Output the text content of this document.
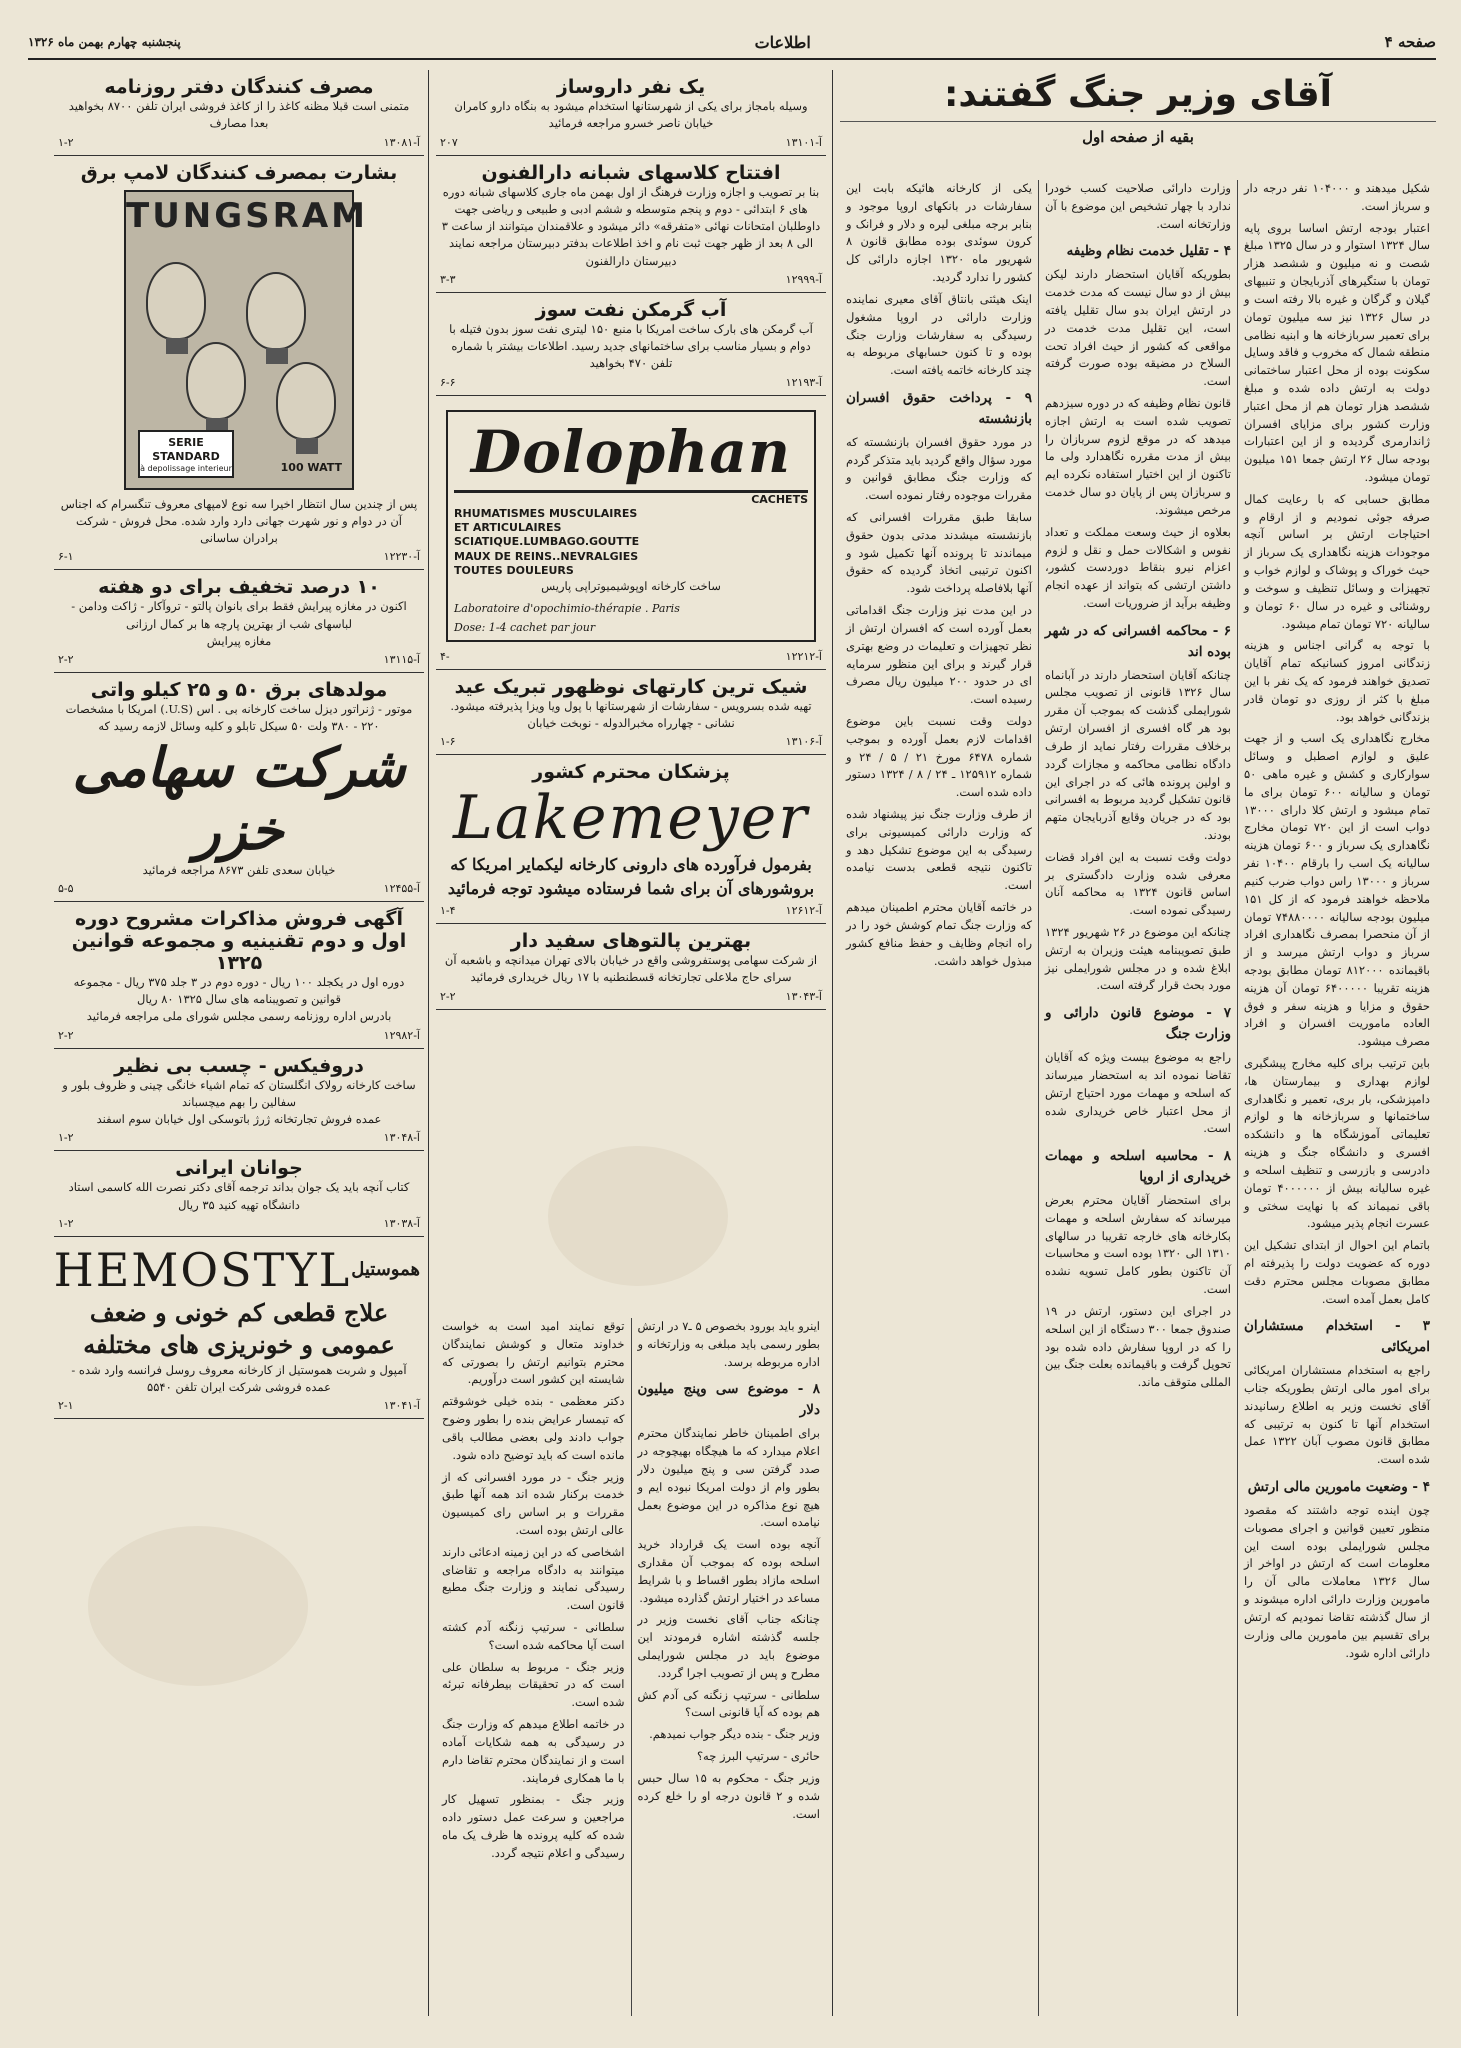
صفحه ۴
اطلاعات
پنجشنبه چهارم بهمن ماه ۱۳۲۶
آقای وزیر جنگ گفتند:
بقیه از صفحه اول
شکیل میدهند و ۱۰۴۰۰۰ نفر درجه دار و سرباز است.
اعتبار بودجه ارتش اساسا بروی پایه سال ۱۳۲۴ استوار و در سال ۱۳۲۵ مبلغ شصت و نه میلیون و ششصد هزار تومان با ستگیرهای آذربایجان و تنبیهای گیلان و گرگان و غیره بالا رفته است و در سال ۱۳۲۶ نیز سه میلیون تومان برای تعمیر سربازخانه ها و ابنیه نظامی منطقه شمال که مخروب و فاقد وسایل سکونت بوده از محل اعتبار ساختمانی دولت به ارتش داده شده و مبلغ ششصد هزار تومان هم از محل اعتبار وزارت کشور برای مزایای افسران ژاندارمری گردیده و از این اعتبارات بودجه سال ۲۶ ارتش جمعا ۱۵۱ میلیون تومان میشود.
مطابق حسابی که با رعایت کمال صرفه جوئی نمودیم و از ارقام و احتیاجات ارتش بر اساس آنچه موجودات هزینه نگاهداری یک سرباز از حیث خوراک و پوشاک و لوازم خواب و تجهیزات و وسائل تنظیف و سوخت و روشنائی و غیره در سال ۶۰ تومان و سالیانه ۷۲۰ تومان تمام میشود.
با توجه به گرانی اجناس و هزینه زندگانی امروز کسانیکه تمام آقایان تصدیق خواهند فرمود که یک نفر با این مبلغ با کثر از روزی دو تومان قادر بزندگانی خواهد بود.
مخارج نگاهداری یک اسب و از جهت علیق و لوازم اصطبل و وسائل سوارکاری و کشش و غیره ماهی ۵۰ تومان و سالیانه ۶۰۰ تومان برای ما تمام میشود و ارتش کلا دارای ۱۳۰۰۰ دواب است از این ۷۲۰ تومان مخارج نگاهداری یک سرباز و ۶۰۰ تومان هزینه سالیانه یک اسب را بارقام ۱۰۴۰۰ نفر سرباز و ۱۳۰۰۰ راس دواب ضرب کنیم ملاحظه خواهند فرمود که از کل ۱۵۱ میلیون بودجه سالیانه ۷۴۸۸۰۰۰۰ تومان از آن منحصرا بمصرف نگاهداری افراد سرباز و دواب ارتش میرسد و از باقیمانده ۸۱۲۰۰۰ تومان مطابق بودجه هزینه تقریبا ۶۴۰۰۰۰۰ تومان آن هزینه حقوق و مزایا و هزینه سفر و فوق العاده ماموریت افسران و افراد مصرف میشود.
باین ترتیب برای کلیه مخارج پیشگیری لوازم بهداری و بیمارستان ها، دامپزشکی، بار بری، تعمیر و نگاهداری ساختمانها و سربازخانه ها و لوازم تعلیماتی آموزشگاه ها و دانشکده افسری و دانشگاه جنگ و هزینه دادرسی و بازرسی و تنظیف اسلحه و غیره سالیانه بیش از ۴۰۰۰۰۰۰ تومان باقی نمیماند که با نهایت سختی و عسرت انجام پذیر میشود.
باتمام این احوال از ابتدای تشکیل این دوره که عضویت دولت را پذیرفته ام مطابق مصوبات مجلس محترم دقت کامل بعمل آمده است.
۳ - استخدام مستشاران امریکائی
راجع به استخدام مستشاران امریکائی برای امور مالی ارتش بطوریکه جناب آقای نخست وزیر به اطلاع رسانیدند استخدام آنها تا کنون به ترتیبی که مطابق قانون مصوب آبان ۱۳۲۲ عمل شده است.
۴ - وضعیت مامورین مالی ارتش
چون اینده توجه داشتند که مقصود منظور تعیین قوانین و اجرای مصوبات مجلس شورایملی بوده است این معلومات است که ارتش در اواخر از سال ۱۳۲۶ معاملات مالی آن را مامورین وزارت دارائی اداره میشوند و از سال گذشته تقاضا نمودیم که ارتش برای تقسیم بین مامورین مالی وزارت دارائی اداره شود.
وزارت دارائی صلاحیت کسب خودرا ندارد با چهار تشخیص این موضوع با آن وزارتخانه است.
۴ - تقلیل خدمت نظام وظیفه
بطوریکه آقایان استحضار دارند لیکن بیش از دو سال نیست که مدت خدمت در ارتش ایران بدو سال تقلیل یافته است، این تقلیل مدت خدمت در مواقعی که کشور از حیث افراد تحت السلاح در مضیقه بوده صورت گرفته است.
قانون نظام وظیفه که در دوره سیزدهم تصویب شده است به ارتش اجازه میدهد که در موقع لزوم سربازان را بیش از مدت مقرره نگاهدارد ولی ما تاکنون از این اختیار استفاده نکرده ایم و سربازان پس از پایان دو سال خدمت مرخص میشوند.
بعلاوه از حیث وسعت مملکت و تعداد نفوس و اشکالات حمل و نقل و لزوم اعزام نیرو بنقاط دوردست کشور، داشتن ارتشی که بتواند از عهده انجام وظیفه برآید از ضروریات است.
۶ - محاکمه افسرانی که در شهر بوده اند
چنانکه آقایان استحضار دارند در آبانماه سال ۱۳۲۶ قانونی از تصویب مجلس شورایملی گذشت که بموجب آن مقرر بود هر گاه افسری از افسران ارتش برخلاف مقررات رفتار نماید از طرف دادگاه نظامی محاکمه و مجازات گردد و اولین پرونده هائی که در اجرای این قانون تشکیل گردید مربوط به افسرانی بود که در جریان وقایع آذربایجان متهم بودند.
دولت وقت نسبت به این افراد قضات معرفی شده وزارت دادگستری بر اساس قانون ۱۳۲۴ به محاکمه آنان رسیدگی نموده است.
چنانکه این موضوع در ۲۶ شهریور ۱۳۲۴ طبق تصویبنامه هیئت وزیران به ارتش ابلاغ شده و در مجلس شورایملی نیز مورد بحث قرار گرفته است.
۷ - موضوع قانون دارائی و وزارت جنگ
راجع به موضوع بیست ویژه که آقایان تقاضا نموده اند به استحضار میرساند که اسلحه و مهمات مورد احتیاج ارتش از محل اعتبار خاص خریداری شده است.
۸ - محاسبه اسلحه و مهمات خریداری از اروپا
برای استحضار آقایان محترم بعرض میرساند که سفارش اسلحه و مهمات بکارخانه های خارجه تقریبا در سالهای ۱۳۱۰ الی ۱۳۲۰ بوده است و محاسبات آن تاکنون بطور کامل تسویه نشده است.
در اجرای این دستور، ارتش در ۱۹ صندوق جمعا ۳۰۰ دستگاه از این اسلحه را که در اروپا سفارش داده شده بود تحویل گرفت و باقیمانده بعلت جنگ بین المللی متوقف ماند.
یکی از کارخانه هائیکه بابت این سفارشات در بانکهای اروپا موجود و بنابر برجه مبلغی لیره و دلار و فرانک و کرون سوئدی بوده مطابق قانون ۸ شهریور ماه ۱۳۲۰ اجازه دارائی کل کشور را ندارد گردید.
اینک هیئتی بانتاق آقای معیری نماینده وزارت دارائی در اروپا مشغول رسیدگی به سفارشات وزارت جنگ بوده و تا کنون حسابهای مربوطه به چند کارخانه خاتمه یافته است.
۹ - پرداخت حقوق افسران بازنشسته
در مورد حقوق افسران بازنشسته که مورد سؤال واقع گردید باید متذکر گردم که وزارت جنگ مطابق قوانین و مقررات موجوده رفتار نموده است.
سابقا طبق مقررات افسرانی که بازنشسته میشدند مدتی بدون حقوق میماندند تا پرونده آنها تکمیل شود و اکنون ترتیبی اتخاذ گردیده که حقوق آنها بلافاصله پرداخت شود.
در این مدت نیز وزارت جنگ اقداماتی بعمل آورده است که افسران ارتش از نظر تجهیزات و تعلیمات در وضع بهتری قرار گیرند و برای این منظور سرمایه ای در حدود ۲۰۰ میلیون ریال مصرف رسیده است.
دولت وقت نسبت باین موضوع اقدامات لازم بعمل آورده و بموجب شماره ۶۴۷۸ مورخ ۲۱ / ۵ / ۲۴ و شماره ۱۲۵۹۱۲ ـ ۲۴ / ۸ / ۱۳۲۴ دستور داده شده است.
از طرف وزارت جنگ نیز پیشنهاد شده که وزارت دارائی کمیسیونی برای رسیدگی به این موضوع تشکیل دهد و تاکنون نتیجه قطعی بدست نیامده است.
در خاتمه آقایان محترم اطمینان میدهم که وزارت جنگ تمام کوشش خود را در راه انجام وظایف و حفظ منافع کشور مبذول خواهد داشت.
یک نفر داروساز
وسیله بامجاز برای یکی از شهرستانها استخدام میشود به بنگاه دارو کامران خیابان ناصر خسرو مراجعه فرمائید
۲۰۷	آ-۱۳۱۰۱
افتتاح کلاسهای شبانه دارالفنون
بنا بر تصویب و اجازه وزارت فرهنگ از اول بهمن ماه جاری کلاسهای شبانه دوره های ۶ ابتدائی - دوم و پنجم متوسطه و ششم ادبی و طبیعی و ریاضی جهت داوطلبان امتحانات نهائی «متفرقه» دائر میشود و علاقمندان میتوانند از ساعت ۳ الی ۸ بعد از ظهر جهت ثبت نام و اخذ اطلاعات بدفتر دبیرستان مراجعه نمایند
دبیرستان دارالفنون
۳-۳	آ-۱۲۹۹۹
آب گرمکن نفت سوز
آب گرمکن های بارک ساخت امریکا با منبع ۱۵۰ لیتری نفت سوز بدون فتیله با دوام و بسیار مناسب برای ساختمانهای جدید رسید. اطلاعات بیشتر با شماره تلفن ۴۷۰ بخواهید
۶-۶	آ-۱۲۱۹۳
Dolophan
CACHETS
RHUMATISMES MUSCULAIRES
ET ARTICULAIRES
SCIATIQUE.LUMBAGO.GOUTTE
MAUX DE REINS..NEVRALGIES
TOUTES DOULEURS
ساخت کارخانه اوپوشیمیوتراپی پاریس
Laboratoire d'opochimio-thérapie . Paris
Dose: 1-4 cachet par jour
۴-	آ-۱۲۲۱۲
شیک ترین کارتهای نوظهور تبریک عید
تهیه شده بسرویس - سفارشات از شهرستانها با پول ویا ویزا پذیرفته میشود. نشانی - چهارراه مخبرالدوله - نوبخت خیابان
۱-۶	آ-۱۳۱۰۶
پزشکان محترم کشور
Lakemeyer
بفرمول فرآورده های دارونی کارخانه لیکمایر امریکا که بروشورهای آن برای شما فرستاده میشود توجه فرمائید
۱-۴	آ-۱۲۶۱۲
بهترین پالتوهای سفید دار
از شرکت سهامی پوستفروشی واقع در خیابان بالای تهران میدانچه و باشعبه آن سرای حاج ملاعلی تجارتخانه قسطنطنیه با ۱۷ ریال خریداری فرمائید
۲-۲	آ-۱۳۰۴۳
اینرو باید بورود بخصوص ۵ ـ۷ در ارتش بطور رسمی باید مبلغی به وزارتخانه و اداره مربوطه برسد.
۸ - موضوع سی وپنج میلیون دلار
برای اطمینان خاطر نمایندگان محترم اعلام میدارد که ما هیچگاه بهیچوجه در صدد گرفتن سی و پنج میلیون دلار بطور وام از دولت امریکا نبوده ایم و هیچ نوع مذاکره در این موضوع بعمل نیامده است.
آنچه بوده است یک قرارداد خرید اسلحه بوده که بموجب آن مقداری اسلحه مازاد بطور اقساط و با شرایط مساعد در اختیار ارتش گذارده میشود.
چنانکه جناب آقای نخست وزیر در جلسه گذشته اشاره فرمودند این موضوع باید در مجلس شورایملی مطرح و پس از تصویب اجرا گردد.
سلطانی - سرتیپ زنگنه کی آدم کش هم بوده که آیا قانونی است؟
وزیر جنگ - بنده دیگر جواب نمیدهم.
حائری - سرتیپ البرز چه؟
وزیر جنگ - محکوم به ۱۵ سال حبس شده و ۲ قانون درجه او را خلع کرده است.
توقع نمایند امید است به خواست خداوند متعال و کوشش نمایندگان محترم بتوانیم ارتش را بصورتی که شایسته این کشور است درآوریم.
دکتر معظمی - بنده خیلی خوشوقتم که تیمسار عرایض بنده را بطور وضوح جواب دادند ولی بعضی مطالب باقی مانده است که باید توضیح داده شود.
وزیر جنگ - در مورد افسرانی که از خدمت برکنار شده اند همه آنها طبق مقررات و بر اساس رای کمیسیون عالی ارتش بوده است.
اشخاصی که در این زمینه ادعائی دارند میتوانند به دادگاه مراجعه و تقاضای رسیدگی نمایند و وزارت جنگ مطیع قانون است.
سلطانی - سرتیپ زنگنه آدم کشته است آیا محاکمه شده است؟
وزیر جنگ - مربوط به سلطان علی است که در تحقیقات بیطرفانه تبرئه شده است.
در خاتمه اطلاع میدهم که وزارت جنگ در رسیدگی به همه شکایات آماده است و از نمایندگان محترم تقاضا دارم با ما همکاری فرمایند.
وزیر جنگ - بمنظور تسهیل کار مراجعین و سرعت عمل دستور داده شده که کلیه پرونده ها ظرف یک ماه رسیدگی و اعلام نتیجه گردد.
مصرف کنندگان دفتر روزنامه
متمنی است قبلا مظنه کاغذ را از کاغذ فروشی ایران تلفن ۸۷۰۰ بخواهید بعدا مصارف
۱-۲	آ-۱۳۰۸۱
بشارت بمصرف کنندگان لامپ برق
TUNGSRAM
SERIE STANDARD
à depolissage interieur	100 WATT
پس از چندین سال انتظار اخیرا سه نوع لامپهای معروف تنگسرام که اجناس آن در دوام و نور شهرت جهانی دارد وارد شده. محل فروش - شرکت برادران ساسانی
۶-۱	آ-۱۲۲۳۰
۱۰ درصد تخفیف برای دو هفته
اکنون در مغازه پیرایش فقط برای بانوان پالتو - تروآکار - ژاکت ودامن - لباسهای شب از بهترین پارچه ها بر کمال ارزانی
مغازه پیرایش
۲-۲	آ-۱۳۱۱۵
مولدهای برق ۵۰ و ۲۵ کیلو واتی
موتور - ژنراتور دیزل ساخت کارخانه بی . اس (U.S.) امریکا با مشخصات ۲۲۰ - ۳۸۰ ولت ۵۰ سیکل تابلو و کلیه وسائل لازمه رسید که
شرکت سهامی خزر
خیابان سعدی تلفن ۸۶۷۳ مراجعه فرمائید
۵-۵	آ-۱۲۴۵۵
آگهی فروش مذاکرات مشروح دوره اول و دوم تقنینیه و مجموعه قوانین ۱۳۲۵
دوره اول در یکجلد ۱۰۰ ریال - دوره دوم در ۳ جلد ۳۷۵ ریال - مجموعه قوانین و تصویبنامه های سال ۱۳۲۵ ۸۰ ریال
بادرس اداره روزنامه رسمی مجلس شورای ملی مراجعه فرمائید
۲-۲	آ-۱۲۹۸۲
دروفیکس - چسب بی نظیر
ساخت کارخانه رولاک انگلستان که تمام اشیاء خانگی چینی و ظروف بلور و سفالین را بهم میچسباند
عمده فروش تجارتخانه ژرژ باتوسکی اول خیابان سوم اسفند
۱-۲	آ-۱۳۰۴۸
جوانان ایرانی
کتاب آنچه باید یک جوان بداند ترجمه آقای دکتر نصرت الله کاسمی استاد دانشگاه تهیه کنید ۳۵ ریال
۱-۲	آ-۱۳۰۳۸
هموستیل
HEMOSTYL
علاج قطعی کم خونی و ضعف عمومی و خونریزی های مختلفه
آمپول و شربت هموستیل از کارخانه معروف روسل فرانسه وارد شده - عمده فروشی شرکت ایران تلفن ۵۵۴۰
۲-۱	آ-۱۳۰۴۱
